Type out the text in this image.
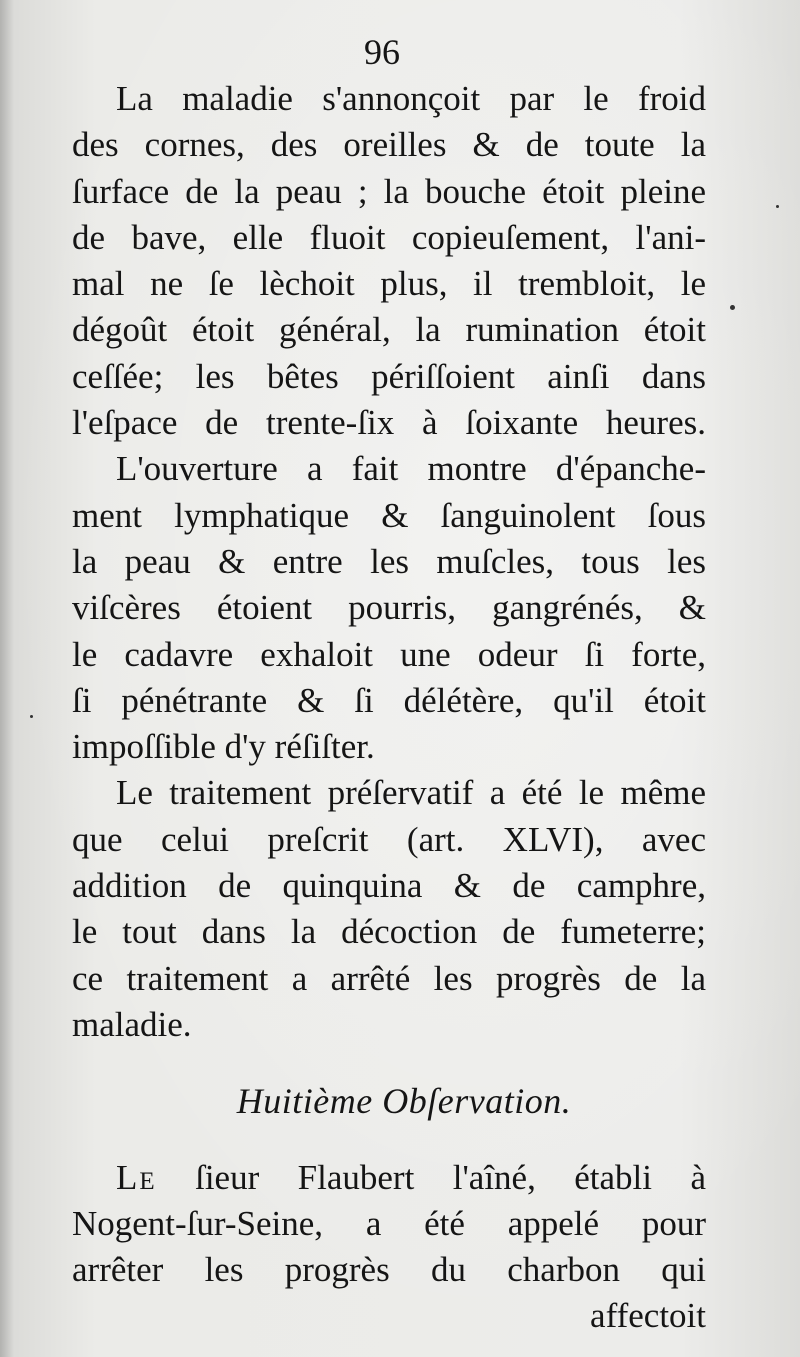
96
La maladie s'annonçoit par le froid
des cornes, des oreilles & de toute la
ſurface de la peau ; la bouche étoit pleine
de bave, elle fluoit copieuſement, l'ani-
mal ne ſe lèchoit plus, il trembloit, le
dégoût étoit général, la rumination étoit
ceſſée; les bêtes périſſoient ainſi dans
l'eſpace de trente-ſix à ſoixante heures.
L'ouverture a fait montre d'épanche-
ment lymphatique & ſanguinolent ſous
la peau & entre les muſcles, tous les
viſcères étoient pourris, gangrénés, &
le cadavre exhaloit une odeur ſi forte,
ſi pénétrante & ſi délétère, qu'il étoit
impoſſible d'y réſiſter.
Le traitement préſervatif a été le même
que celui preſcrit (art. XLVI), avec
addition de quinquina & de camphre,
le tout dans la décoction de fumeterre;
ce traitement a arrêté les progrès de la
maladie.
Huitième Obſervation.
Le ſieur Flaubert l'aîné, établi à
Nogent-ſur-Seine, a été appelé pour
arrêter les progrès du charbon qui
affectoit
